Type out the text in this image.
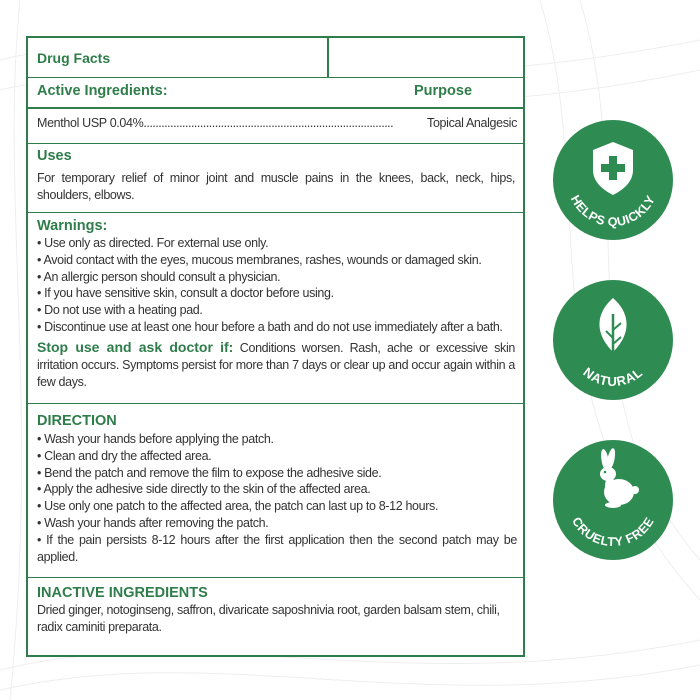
Drug Facts
Active Ingredients:	Purpose
Menthol USP 0.04% ....................................................................................	Topical Analgesic
Uses
For temporary relief of minor joint and muscle pains in the knees, back, neck, hips, shoulders, elbows.
Warnings:
• Use only as directed. For external use only.
• Avoid contact with the eyes, mucous membranes, rashes, wounds or damaged skin.
• An allergic person should consult a physician.
• If you have sensitive skin, consult a doctor before using.
• Do not use with a heating pad.
• Discontinue use at least one hour before a bath and do not use immediately after a bath.
Stop use and ask doctor if: Conditions worsen. Rash, ache or excessive skin irritation occurs. Symptoms persist for more than 7 days or clear up and occur again within a few days.
DIRECTION
• Wash your hands before applying the patch.
• Clean and dry the affected area.
• Bend the patch and remove the film to expose the adhesive side.
• Apply the adhesive side directly to the skin of the affected area.
• Use only one patch to the affected area, the patch can last up to 8-12 hours.
• Wash your hands after removing the patch.
• If the pain persists 8-12 hours after the first application then the second patch may be applied.
INACTIVE INGREDIENTS
Dried ginger, notoginseng, saffron, divaricate saposhnivia root, garden balsam stem, chili, radix caminiti preparata.
HELPS QUICKLY
NATURAL
CRUELTY FREE
